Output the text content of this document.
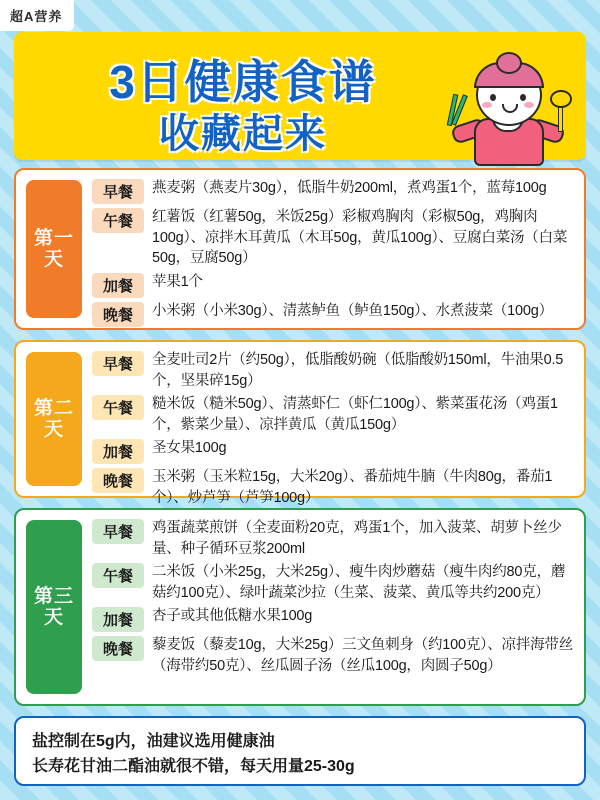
超A营养
3日健康食谱
收藏起来
第一天
早餐	燕麦粥（燕麦片30g），低脂牛奶200ml，煮鸡蛋1个，蓝莓100g
午餐	红薯饭（红薯50g，米饭25g）彩椒鸡胸肉（彩椒50g，鸡胸肉100g）、凉拌木耳黄瓜（木耳50g，黄瓜100g）、豆腐白菜汤（白菜50g，豆腐50g）
加餐	苹果1个
晚餐	小米粥（小米30g）、清蒸鲈鱼（鲈鱼150g）、水煮菠菜（100g）
第二天
早餐	全麦吐司2片（约50g），低脂酸奶碗（低脂酸奶150ml，牛油果0.5个，坚果碎15g）
午餐	糙米饭（糙米50g）、清蒸虾仁（虾仁100g）、紫菜蛋花汤（鸡蛋1个，紫菜少量）、凉拌黄瓜（黄瓜150g）
加餐	圣女果100g
晚餐	玉米粥（玉米粒15g，大米20g）、番茄炖牛腩（牛肉80g，番茄1个）、炒芦笋（芦笋100g）
第三天
早餐	鸡蛋蔬菜煎饼（全麦面粉20克，鸡蛋1个，加入菠菜、胡萝卜丝少量、种子循环豆浆200ml
午餐	二米饭（小米25g，大米25g）、瘦牛肉炒蘑菇（瘦牛肉约80克，蘑菇约100克）、绿叶蔬菜沙拉（生菜、菠菜、黄瓜等共约200克）
加餐	杏子或其他低糖水果100g
晚餐	藜麦饭（藜麦10g，大米25g）三文鱼刺身（约100克）、凉拌海带丝（海带约50克）、丝瓜圆子汤（丝瓜100g，肉圆子50g）
盐控制在5g内，油建议选用健康油
长寿花甘油二酯油就很不错，每天用量25-30g
